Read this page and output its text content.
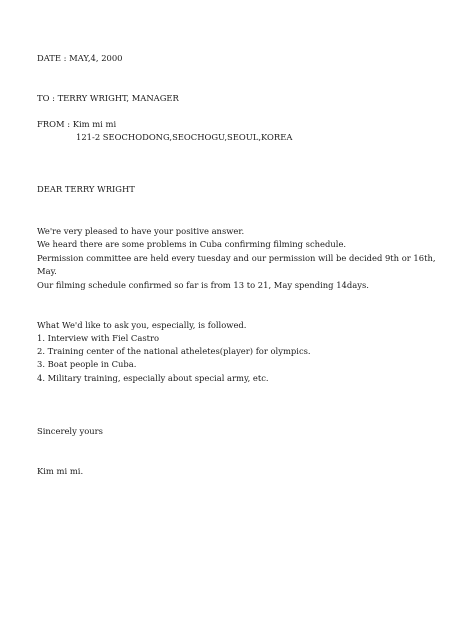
DATE : MAY,4, 2000
TO : TERRY WRIGHT, MANAGER
FROM : Kim mi mi
121-2 SEOCHODONG,SEOCHOGU,SEOUL,KOREA
DEAR TERRY WRIGHT
We're very pleased to have your positive answer.
We heard there are some problems in Cuba confirming filming schedule.
Permission committee are held every tuesday and our permission will be decided 9th or 16th,
May.
Our filming schedule confirmed so far is from 13 to 21, May spending 14days.
What We'd like to ask you, especially, is followed.
1. Interview with Fiel Castro
2. Training center of the national atheletes(player) for olympics.
3. Boat people in Cuba.
4. Military training, especially about special army, etc.
Sincerely yours
Kim mi mi.
